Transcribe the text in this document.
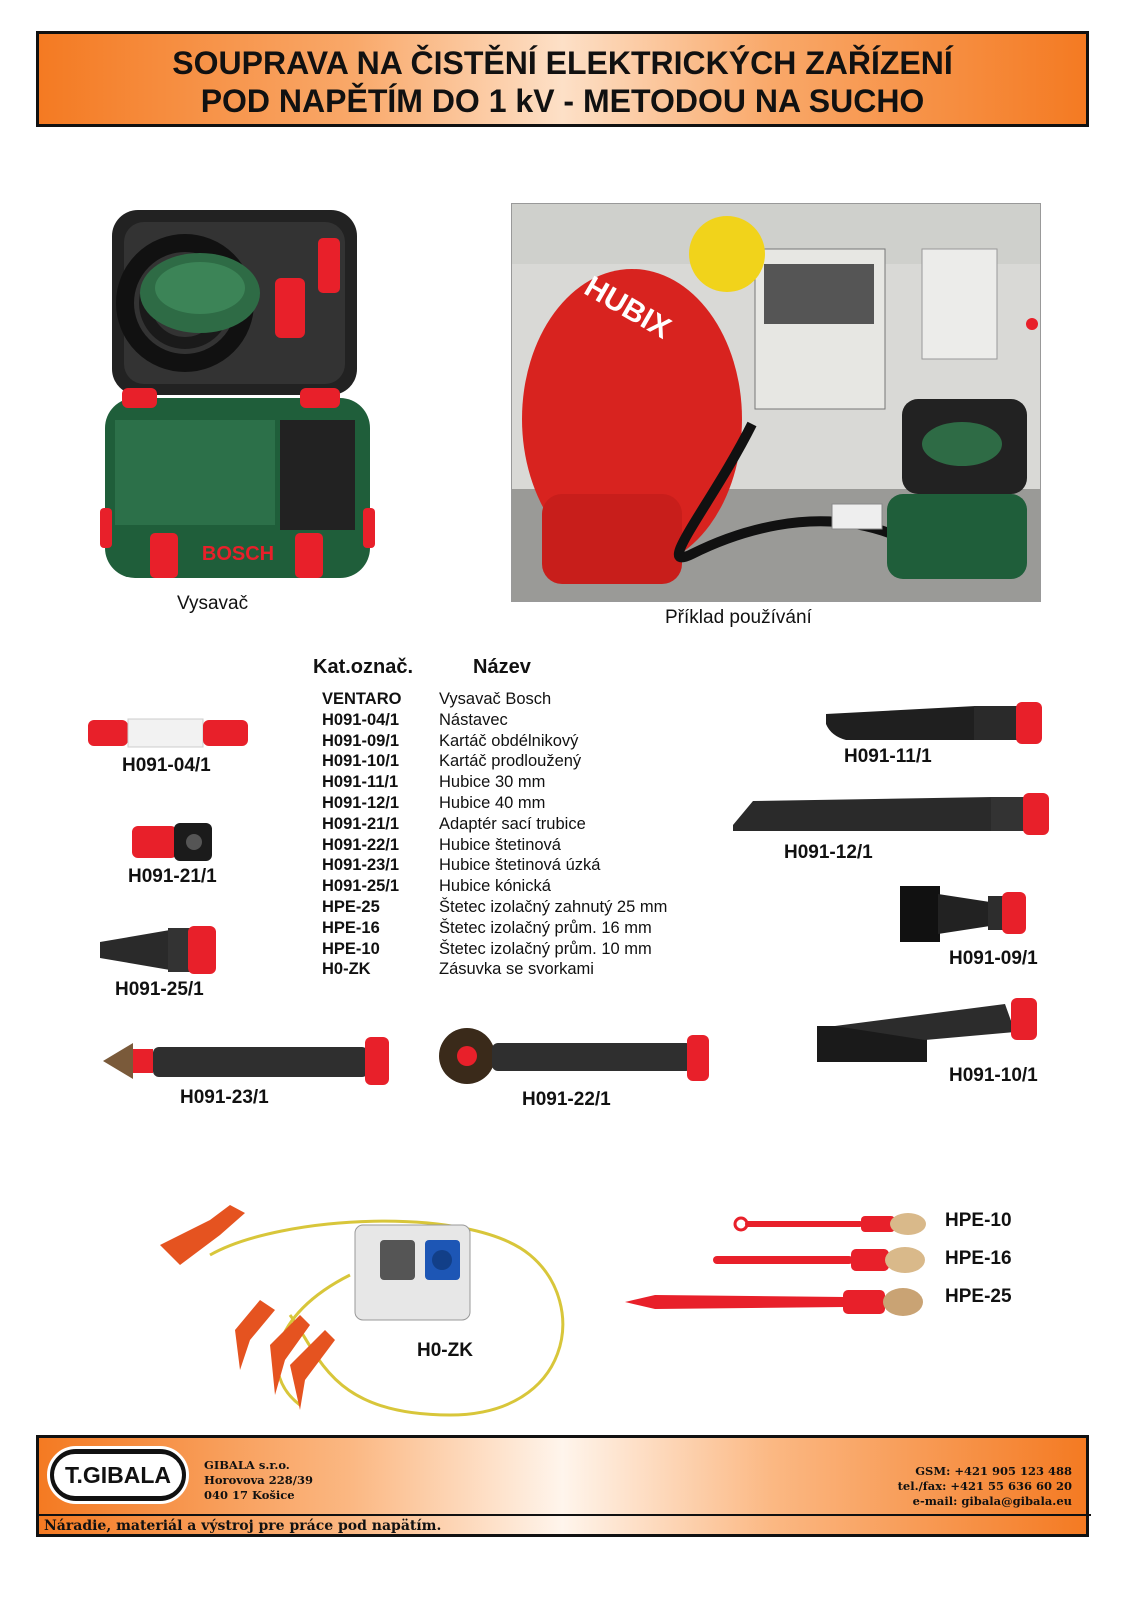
SOUPRAVA NA ČISTĚNÍ ELEKTRICKÝCH ZAŘÍZENÍ
POD NAPĚTÍM DO 1 kV - METODOU NA SUCHO
BOSCH
Vysavač
HUBIX
Příklad používání
Kat.označ.	Název
VENTARO	Vysavač Bosch
H091-04/1	Nástavec
H091-09/1	Kartáč obdélnikový
H091-10/1	Kartáč prodloužený
H091-11/1	Hubice 30 mm
H091-12/1	Hubice 40 mm
H091-21/1	Adaptér sací trubice
H091-22/1	Hubice štetinová
H091-23/1	Hubice štetinová úzká
H091-25/1	Hubice kónická
HPE-25	Štetec izolačný zahnutý 25 mm
HPE-16	Štetec izolačný prům. 16 mm
HPE-10	Štetec izolačný prům. 10 mm
H0-ZK	Zásuvka se svorkami
H091-04/1
H091-21/1
H091-25/1
H091-23/1	H091-22/1
H091-11/1
H091-12/1
H091-09/1
H091-10/1
H0-ZK
HPE-10
HPE-16
HPE-25
T.GIBALA	GIBALA s.r.o.
Horovova 228/39
040 17 Košice
GSM: +421 905 123 488
tel./fax: +421 55 636 60 20
e-mail: gibala@gibala.eu
Náradie, materiál a výstroj pre práce pod napätím.
